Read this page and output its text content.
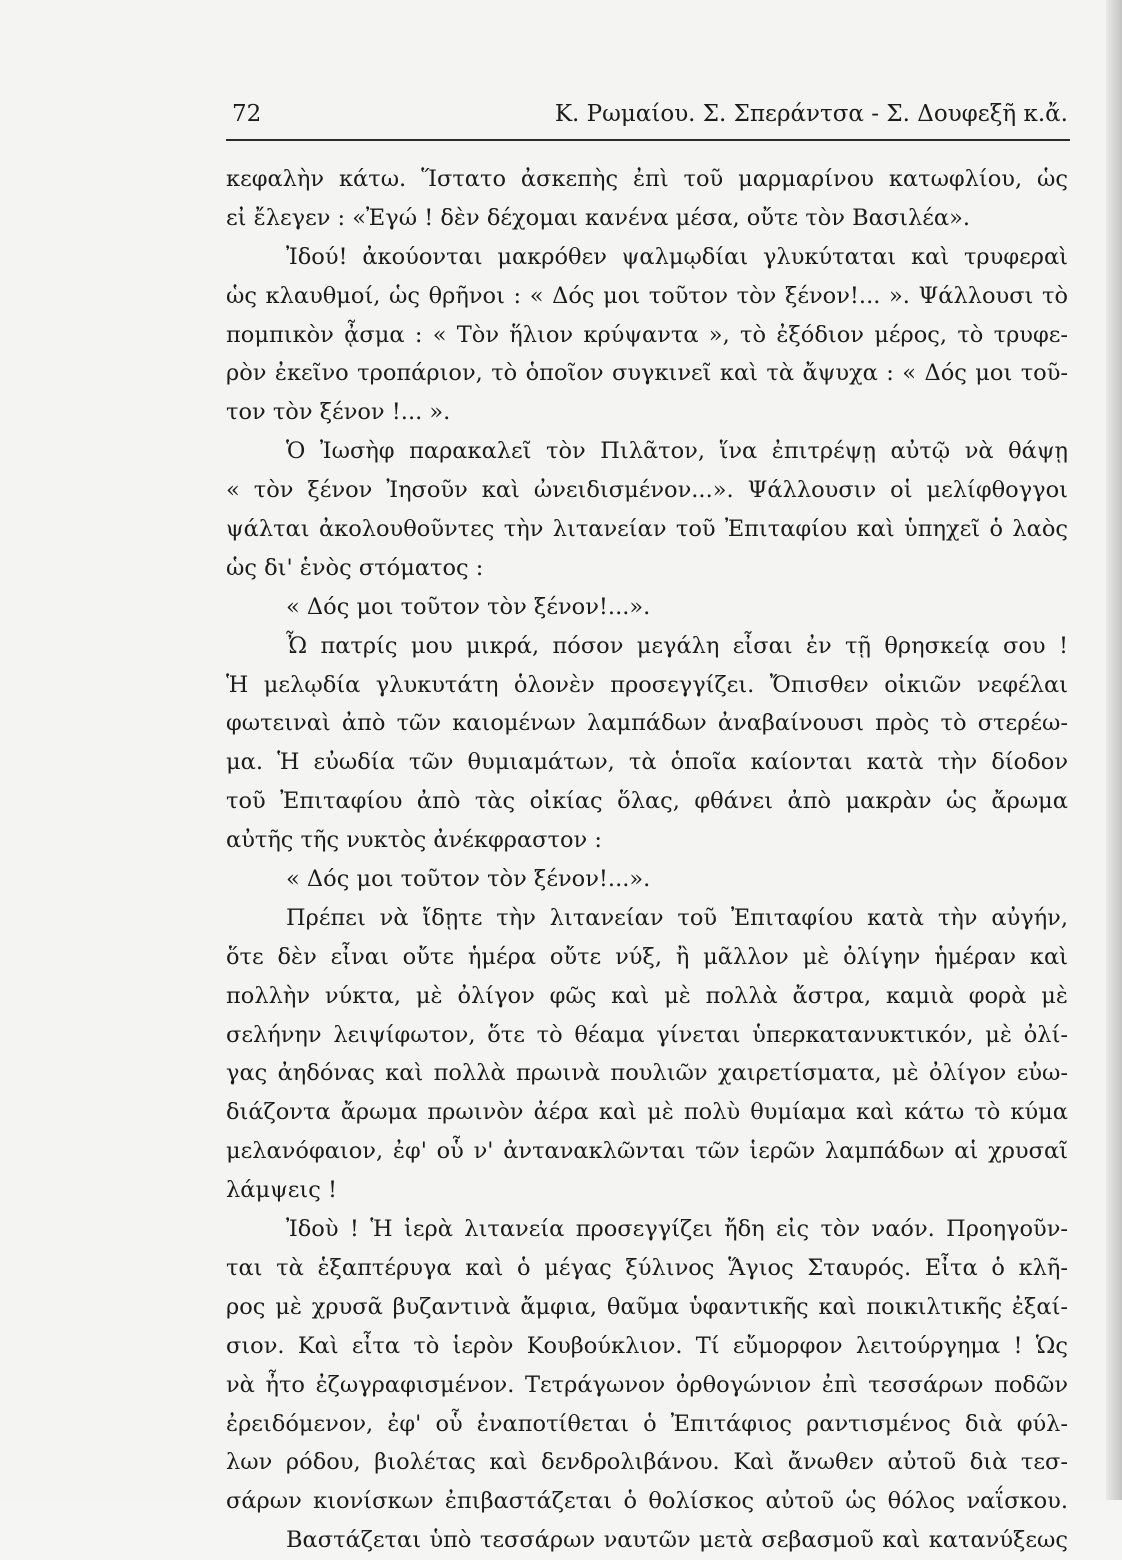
72	Κ. Ρωμαίου. Σ. Σπεράντσα - Σ. Δουφεξῆ κ.ἄ.
κεφαλὴν κάτω. Ἵστατο ἀσκεπὴς ἐπὶ τοῦ μαρμαρίνου κατωφλίου, ὡς
εἰ ἔλεγεν : «Ἐγώ ! δὲν δέχομαι κανένα μέσα, οὔτε τὸν Βασιλέα».
Ἰδού! ἀκούονται μακρόθεν ψαλμῳδίαι γλυκύταται καὶ τρυφεραὶ
ὡς κλαυθμοί, ὡς θρῆνοι : « Δός μοι τοῦτον τὸν ξένον!... ». Ψάλλουσι τὸ
πομπικὸν ᾆσμα : « Τὸν ἥλιον κρύψαντα », τὸ ἐξόδιον μέρος, τὸ τρυφε-
ρὸν ἐκεῖνο τροπάριον, τὸ ὁποῖον συγκινεῖ καὶ τὰ ἄψυχα : « Δός μοι τοῦ-
τον τὸν ξένον !... ».
Ὁ Ἰωσὴφ παρακαλεῖ τὸν Πιλᾶτον, ἵνα ἐπιτρέψῃ αὐτῷ νὰ θάψῃ
« τὸν ξένον Ἰησοῦν καὶ ὠνειδισμένον...». Ψάλλουσιν οἱ μελίφθογγοι
ψάλται ἀκολουθοῦντες τὴν λιτανείαν τοῦ Ἐπιταφίου καὶ ὑπηχεῖ ὁ λαὸς
ὡς δι' ἑνὸς στόματος :
« Δός μοι τοῦτον τὸν ξένον!...».
Ὦ πατρίς μου μικρά, πόσον μεγάλη εἶσαι ἐν τῇ θρησκείᾳ σου !
Ἡ μελῳδία γλυκυτάτη ὁλονὲν προσεγγίζει. Ὄπισθεν οἰκιῶν νεφέλαι
φωτειναὶ ἀπὸ τῶν καιομένων λαμπάδων ἀναβαίνουσι πρὸς τὸ στερέω-
μα. Ἡ εὐωδία τῶν θυμιαμάτων, τὰ ὁποῖα καίονται κατὰ τὴν δίοδον
τοῦ Ἐπιταφίου ἀπὸ τὰς οἰκίας ὅλας, φθάνει ἀπὸ μακρὰν ὡς ἄρωμα
αὐτῆς τῆς νυκτὸς ἀνέκφραστον :
« Δός μοι τοῦτον τὸν ξένον!...».
Πρέπει νὰ ἴδῃτε τὴν λιτανείαν τοῦ Ἐπιταφίου κατὰ τὴν αὐγήν,
ὅτε δὲν εἶναι οὔτε ἡμέρα οὔτε νύξ, ἢ μᾶλλον μὲ ὀλίγην ἡμέραν καὶ
πολλὴν νύκτα, μὲ ὀλίγον φῶς καὶ μὲ πολλὰ ἄστρα, καμιὰ φορὰ μὲ
σελήνην λειψίφωτον, ὅτε τὸ θέαμα γίνεται ὑπερκατανυκτικόν, μὲ ὀλί-
γας ἀηδόνας καὶ πολλὰ πρωινὰ πουλιῶν χαιρετίσματα, μὲ ὀλίγον εὐω-
διάζοντα ἄρωμα πρωινὸν ἀέρα καὶ μὲ πολὺ θυμίαμα καὶ κάτω τὸ κύμα
μελανόφαιον, ἐφ' οὗ ν' ἀντανακλῶνται τῶν ἱερῶν λαμπάδων αἱ χρυσαῖ
λάμψεις !
Ἰδοὺ ! Ἡ ἱερὰ λιτανεία προσεγγίζει ἤδη εἰς τὸν ναόν. Προηγοῦν-
ται τὰ ἑξαπτέρυγα καὶ ὁ μέγας ξύλινος Ἅγιος Σταυρός. Εἶτα ὁ κλῆ-
ρος μὲ χρυσᾶ βυζαντινὰ ἄμφια, θαῦμα ὑφαντικῆς καὶ ποικιλτικῆς ἐξαί-
σιον. Καὶ εἶτα τὸ ἱερὸν Κουβούκλιον. Τί εὔμορφον λειτούργημα ! Ὡς
νὰ ἦτο ἐζωγραφισμένον. Τετράγωνον ὀρθογώνιον ἐπὶ τεσσάρων ποδῶν
ἐρειδόμενον, ἐφ' οὗ ἐναποτίθεται ὁ Ἐπιτάφιος ραντισμένος διὰ φύλ-
λων ρόδου, βιολέτας καὶ δενδρολιβάνου. Καὶ ἄνωθεν αὐτοῦ διὰ τεσ-
σάρων κιονίσκων ἐπιβαστάζεται ὁ θολίσκος αὐτοῦ ὡς θόλος ναΐσκου.
Βαστάζεται ὑπὸ τεσσάρων ναυτῶν μετὰ σεβασμοῦ καὶ κατανύξεως
